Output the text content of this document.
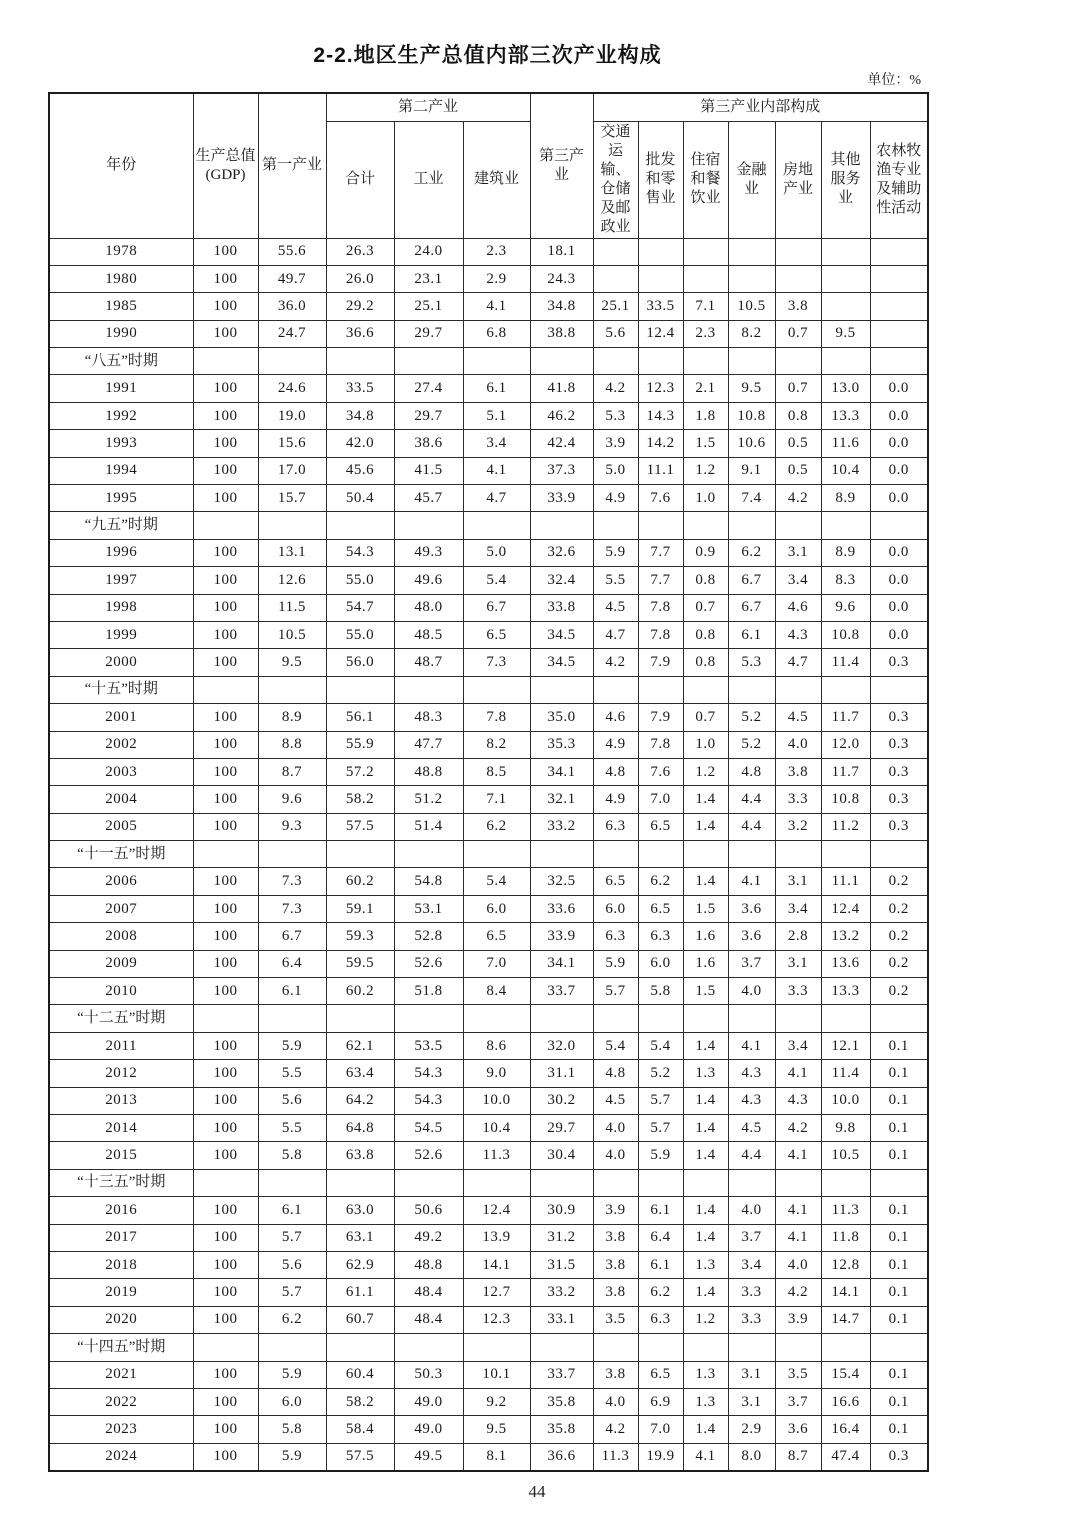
2-2.地区生产总值内部三次产业构成
单位：%
年份	生产总值(GDP)	第一产业	第二产业			第三产业	第三产业内部构成						
			合计	工业	建筑业		交通运输、仓储及邮政业	批发和零售业	住宿和餐饮业	金融业	房地产业	其他服务业	农林牧渔专业及辅助性活动
1978	100	55.6	26.3	24.0	2.3	18.1							
1980	100	49.7	26.0	23.1	2.9	24.3							
1985	100	36.0	29.2	25.1	4.1	34.8	25.1	33.5	7.1	10.5	3.8		
1990	100	24.7	36.6	29.7	6.8	38.8	5.6	12.4	2.3	8.2	0.7	9.5	
“八五”时期													
1991	100	24.6	33.5	27.4	6.1	41.8	4.2	12.3	2.1	9.5	0.7	13.0	0.0
1992	100	19.0	34.8	29.7	5.1	46.2	5.3	14.3	1.8	10.8	0.8	13.3	0.0
1993	100	15.6	42.0	38.6	3.4	42.4	3.9	14.2	1.5	10.6	0.5	11.6	0.0
1994	100	17.0	45.6	41.5	4.1	37.3	5.0	11.1	1.2	9.1	0.5	10.4	0.0
1995	100	15.7	50.4	45.7	4.7	33.9	4.9	7.6	1.0	7.4	4.2	8.9	0.0
“九五”时期													
1996	100	13.1	54.3	49.3	5.0	32.6	5.9	7.7	0.9	6.2	3.1	8.9	0.0
1997	100	12.6	55.0	49.6	5.4	32.4	5.5	7.7	0.8	6.7	3.4	8.3	0.0
1998	100	11.5	54.7	48.0	6.7	33.8	4.5	7.8	0.7	6.7	4.6	9.6	0.0
1999	100	10.5	55.0	48.5	6.5	34.5	4.7	7.8	0.8	6.1	4.3	10.8	0.0
2000	100	9.5	56.0	48.7	7.3	34.5	4.2	7.9	0.8	5.3	4.7	11.4	0.3
“十五”时期													
2001	100	8.9	56.1	48.3	7.8	35.0	4.6	7.9	0.7	5.2	4.5	11.7	0.3
2002	100	8.8	55.9	47.7	8.2	35.3	4.9	7.8	1.0	5.2	4.0	12.0	0.3
2003	100	8.7	57.2	48.8	8.5	34.1	4.8	7.6	1.2	4.8	3.8	11.7	0.3
2004	100	9.6	58.2	51.2	7.1	32.1	4.9	7.0	1.4	4.4	3.3	10.8	0.3
2005	100	9.3	57.5	51.4	6.2	33.2	6.3	6.5	1.4	4.4	3.2	11.2	0.3
“十一五”时期													
2006	100	7.3	60.2	54.8	5.4	32.5	6.5	6.2	1.4	4.1	3.1	11.1	0.2
2007	100	7.3	59.1	53.1	6.0	33.6	6.0	6.5	1.5	3.6	3.4	12.4	0.2
2008	100	6.7	59.3	52.8	6.5	33.9	6.3	6.3	1.6	3.6	2.8	13.2	0.2
2009	100	6.4	59.5	52.6	7.0	34.1	5.9	6.0	1.6	3.7	3.1	13.6	0.2
2010	100	6.1	60.2	51.8	8.4	33.7	5.7	5.8	1.5	4.0	3.3	13.3	0.2
“十二五”时期													
2011	100	5.9	62.1	53.5	8.6	32.0	5.4	5.4	1.4	4.1	3.4	12.1	0.1
2012	100	5.5	63.4	54.3	9.0	31.1	4.8	5.2	1.3	4.3	4.1	11.4	0.1
2013	100	5.6	64.2	54.3	10.0	30.2	4.5	5.7	1.4	4.3	4.3	10.0	0.1
2014	100	5.5	64.8	54.5	10.4	29.7	4.0	5.7	1.4	4.5	4.2	9.8	0.1
2015	100	5.8	63.8	52.6	11.3	30.4	4.0	5.9	1.4	4.4	4.1	10.5	0.1
“十三五”时期													
2016	100	6.1	63.0	50.6	12.4	30.9	3.9	6.1	1.4	4.0	4.1	11.3	0.1
2017	100	5.7	63.1	49.2	13.9	31.2	3.8	6.4	1.4	3.7	4.1	11.8	0.1
2018	100	5.6	62.9	48.8	14.1	31.5	3.8	6.1	1.3	3.4	4.0	12.8	0.1
2019	100	5.7	61.1	48.4	12.7	33.2	3.8	6.2	1.4	3.3	4.2	14.1	0.1
2020	100	6.2	60.7	48.4	12.3	33.1	3.5	6.3	1.2	3.3	3.9	14.7	0.1
“十四五”时期													
2021	100	5.9	60.4	50.3	10.1	33.7	3.8	6.5	1.3	3.1	3.5	15.4	0.1
2022	100	6.0	58.2	49.0	9.2	35.8	4.0	6.9	1.3	3.1	3.7	16.6	0.1
2023	100	5.8	58.4	49.0	9.5	35.8	4.2	7.0	1.4	2.9	3.6	16.4	0.1
2024	100	5.9	57.5	49.5	8.1	36.6	11.3	19.9	4.1	8.0	8.7	47.4	0.3
44
